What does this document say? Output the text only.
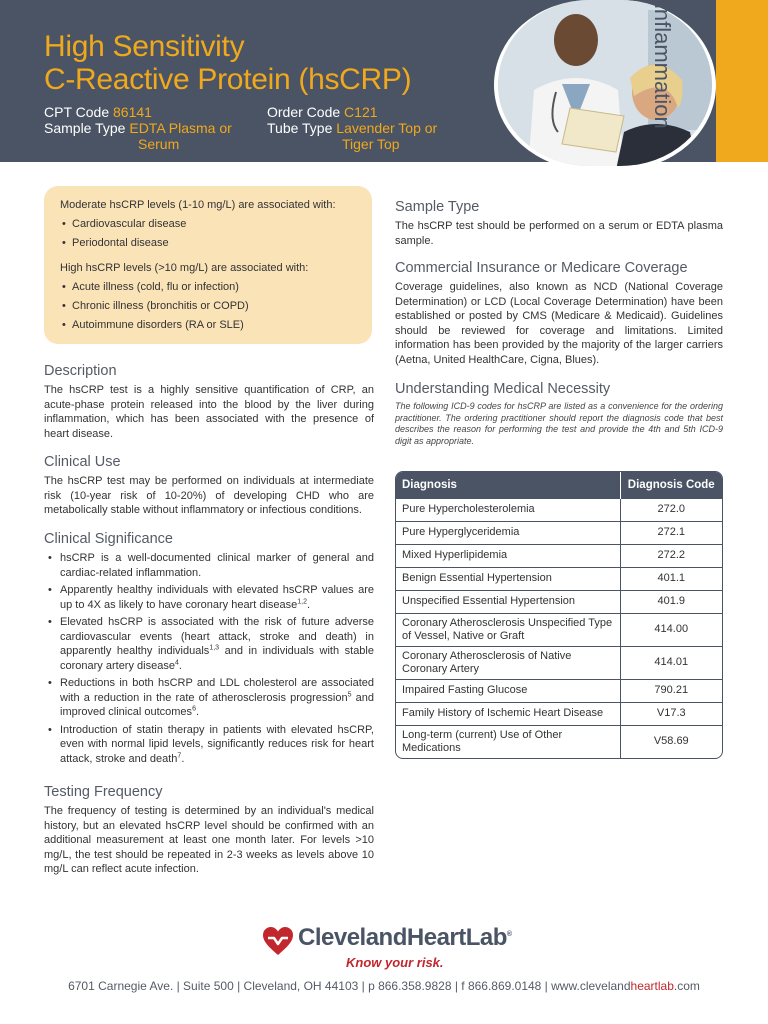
High Sensitivity
C-Reactive Protein (hsCRP)
CPT Code 86141
Sample Type EDTA Plasma or
Serum
Order Code C121
Tube Type Lavender Top or
Tiger Top
inflammation
Moderate hsCRP levels (1-10 mg/L) are associated with:
• Cardiovascular disease
• Periodontal disease
High hsCRP levels (>10 mg/L) are associated with:
• Acute illness (cold, flu or infection)
• Chronic illness (bronchitis or COPD)
• Autoimmune disorders (RA or SLE)
Description

The hsCRP test is a highly sensitive quantification of CRP, an acute-phase protein released into the blood by the liver during inflammation, which has been associated with the presence of heart disease.

Clinical Use

The hsCRP test may be performed on individuals at intermediate risk (10-year risk of 10-20%) of developing CHD who are metabolically stable without inflammatory or infectious conditions.

Clinical Significance
• hsCRP is a well-documented clinical marker of general and cardiac-related inflammation.
• Apparently healthy individuals with elevated hsCRP values are up to 4X as likely to have coronary heart disease$^{1,2}$.
• Elevated hsCRP is associated with the risk of future adverse cardiovascular events (heart attack, stroke and death) in apparently healthy individuals$^{1,3}$ and in individuals with stable coronary artery disease$^4$.
• Reductions in both hsCRP and LDL cholesterol are associated with a reduction in the rate of atherosclerosis progression$^5$ and improved clinical outcomes$^6$.
• Introduction of statin therapy in patients with elevated hsCRP, even with normal lipid levels, significantly reduces risk for heart attack, stroke and death$^7$.
Testing Frequency

The frequency of testing is determined by an individual's medical history, but an elevated hsCRP level should be confirmed with an additional measurement at least one month later. For levels >10 mg/L, the test should be repeated in 2-3 weeks as levels above 10 mg/L can reflect acute infection.

Sample Type

The hsCRP test should be performed on a serum or EDTA plasma sample.

Commercial Insurance or Medicare Coverage

Coverage guidelines, also known as NCD (National Coverage Determination) or LCD (Local Coverage Determination) have been established or posted by CMS (Medicare & Medicaid). Guidelines should be reviewed for coverage and limitations. Limited information has been provided by the majority of the larger carriers (Aetna, United HealthCare, Cigna, Blues).

Understanding Medical Necessity

The following ICD-9 codes for hsCRP are listed as a convenience for the ordering practitioner. The ordering practitioner should report the diagnosis code that best describes the reason for performing the test and provide the 4th and 5th ICD-9 digit as appropriate.

Diagnosis	Diagnosis Code
Pure Hypercholesterolemia	272.0
Pure Hyperglyceridemia	272.1
Mixed Hyperlipidemia	272.2
Benign Essential Hypertension	401.1
Unspecified Essential Hypertension	401.9
Coronary Atherosclerosis Unspecified Type of Vessel, Native or Graft	414.00
Coronary Atherosclerosis of Native Coronary Artery	414.01
Impaired Fasting Glucose	790.21
Family History of Ischemic Heart Disease	V17.3
Long-term (current) Use of Other Medications	V58.69
ClevelandHeartLab®
Know your risk.
6701 Carnegie Ave. | Suite 500 | Cleveland, OH 44103 | p 866.358.9828 | f 866.869.0148 | www.clevelandheartlab.com
